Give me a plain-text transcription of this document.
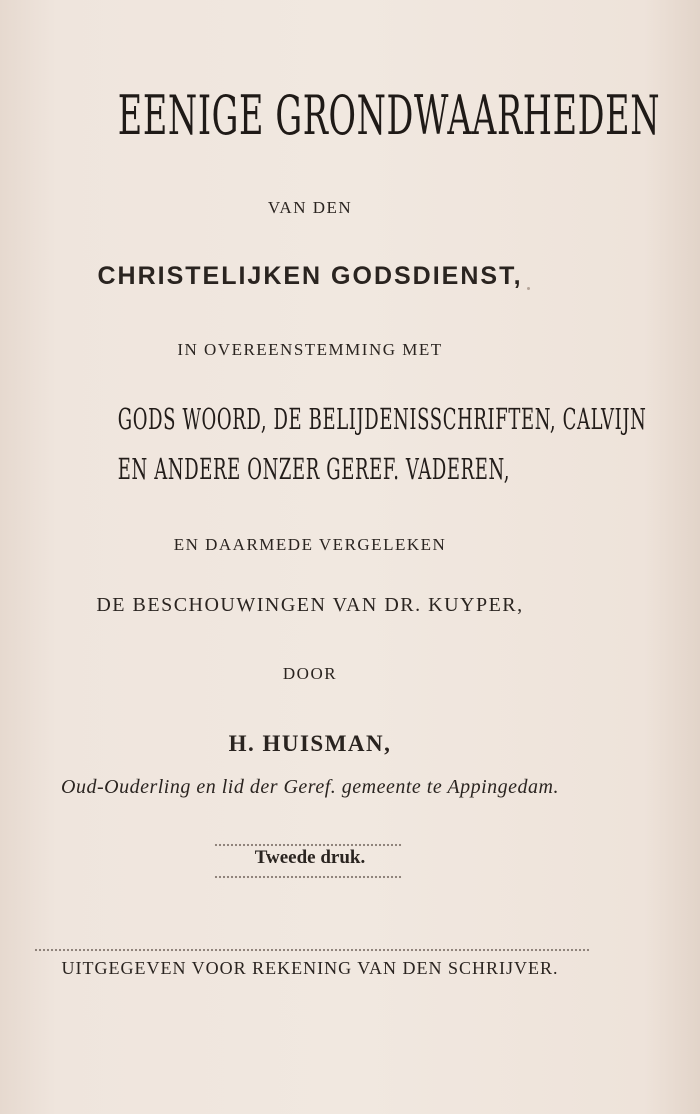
EENIGE GRONDWAARHEDEN
VAN DEN
CHRISTELIJKEN GODSDIENST,
IN OVEREENSTEMMING MET
GODS WOORD, DE BELIJDENISSCHRIFTEN, CALVIJN
EN ANDERE ONZER GEREF. VADEREN,
EN DAARMEDE VERGELEKEN
DE BESCHOUWINGEN VAN DR. KUYPER,
DOOR
H. HUISMAN,
Oud-Ouderling en lid der Geref. gemeente te Appingedam.
Tweede druk.
UITGEGEVEN VOOR REKENING VAN DEN SCHRIJVER.
